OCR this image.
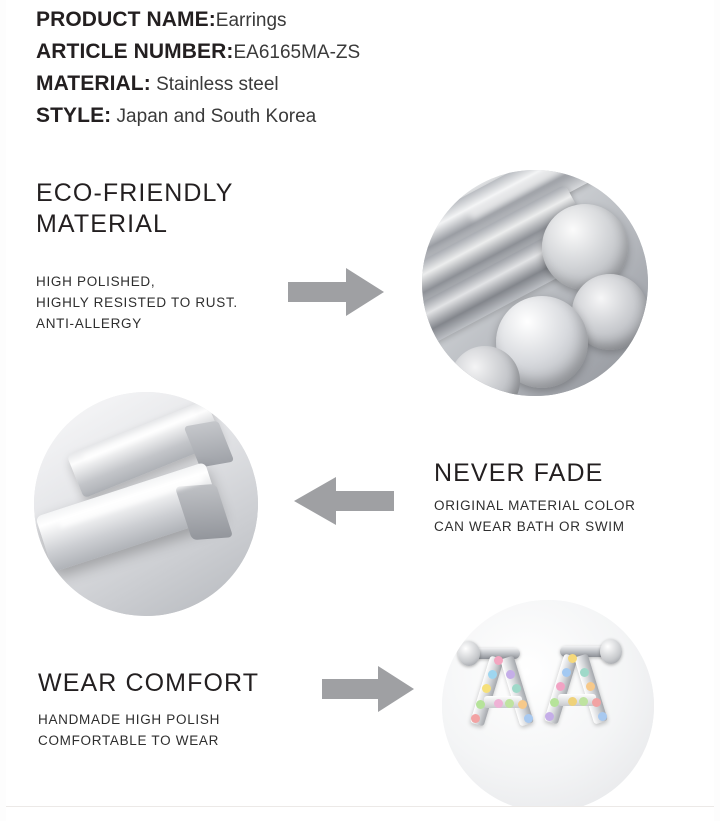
PRODUCT NAME:Earrings
ARTICLE NUMBER:EA6165MA-ZS
MATERIAL: Stainless steel
STYLE: Japan and South Korea
ECO-FRIENDLY
MATERIAL
HIGH POLISHED,
HIGHLY RESISTED TO RUST.
ANTI-ALLERGY
NEVER FADE
ORIGINAL MATERIAL COLOR
CAN WEAR BATH OR SWIM
WEAR COMFORT
HANDMADE HIGH POLISH
COMFORTABLE TO WEAR
